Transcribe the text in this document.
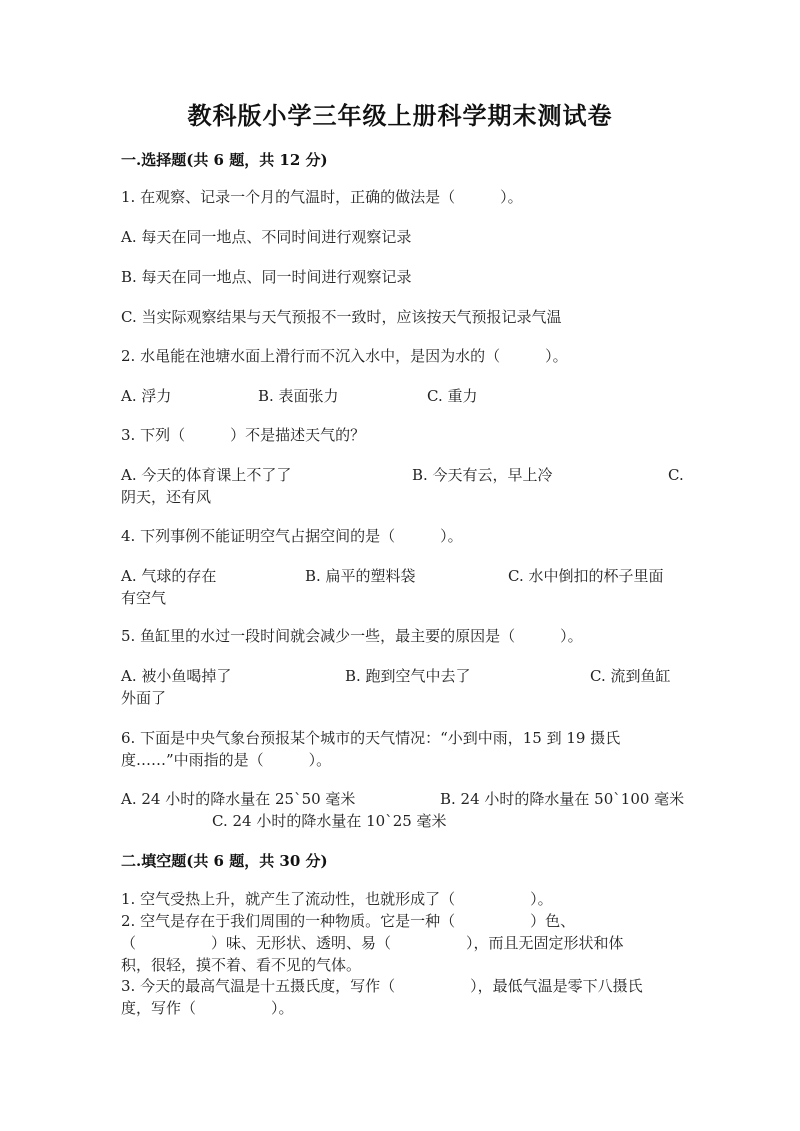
教科版小学三年级上册科学期末测试卷
一.选择题(共 6 题，共 12 分)
1. 在观察、记录一个月的气温时，正确的做法是（　　　）。
A. 每天在同一地点、不同时间进行观察记录
B. 每天在同一地点、同一时间进行观察记录
C. 当实际观察结果与天气预报不一致时，应该按天气预报记录气温
2. 水黾能在池塘水面上滑行而不沉入水中，是因为水的（　　　）。
A. 浮力	B. 表面张力	C. 重力
3. 下列（　　　）不是描述天气的？
A. 今天的体育课上不了了	B. 今天有云，早上冷	C.
阴天，还有风
4. 下列事例不能证明空气占据空间的是（　　　）。
A. 气球的存在	B. 扁平的塑料袋	C. 水中倒扣的杯子里面
有空气
5. 鱼缸里的水过一段时间就会减少一些，最主要的原因是（　　　）。
A. 被小鱼喝掉了	B. 跑到空气中去了	C. 流到鱼缸
外面了
6. 下面是中央气象台预报某个城市的天气情况：“小到中雨，15 到 19 摄氏
度……”中雨指的是（　　　）。
A. 24 小时的降水量在 25`50 毫米	B. 24 小时的降水量在 50`100 毫米
C. 24 小时的降水量在 10`25 毫米
二.填空题(共 6 题，共 30 分)
1. 空气受热上升，就产生了流动性，也就形成了（　　　　　）。
2. 空气是存在于我们周围的一种物质。它是一种（　　　　　）色、
（　　　　　）味、无形状、透明、易（　　　　　），而且无固定形状和体
积，很轻，摸不着、看不见的气体。
3. 今天的最高气温是十五摄氏度，写作（　　　　　），最低气温是零下八摄氏
度，写作（　　　　　）。
